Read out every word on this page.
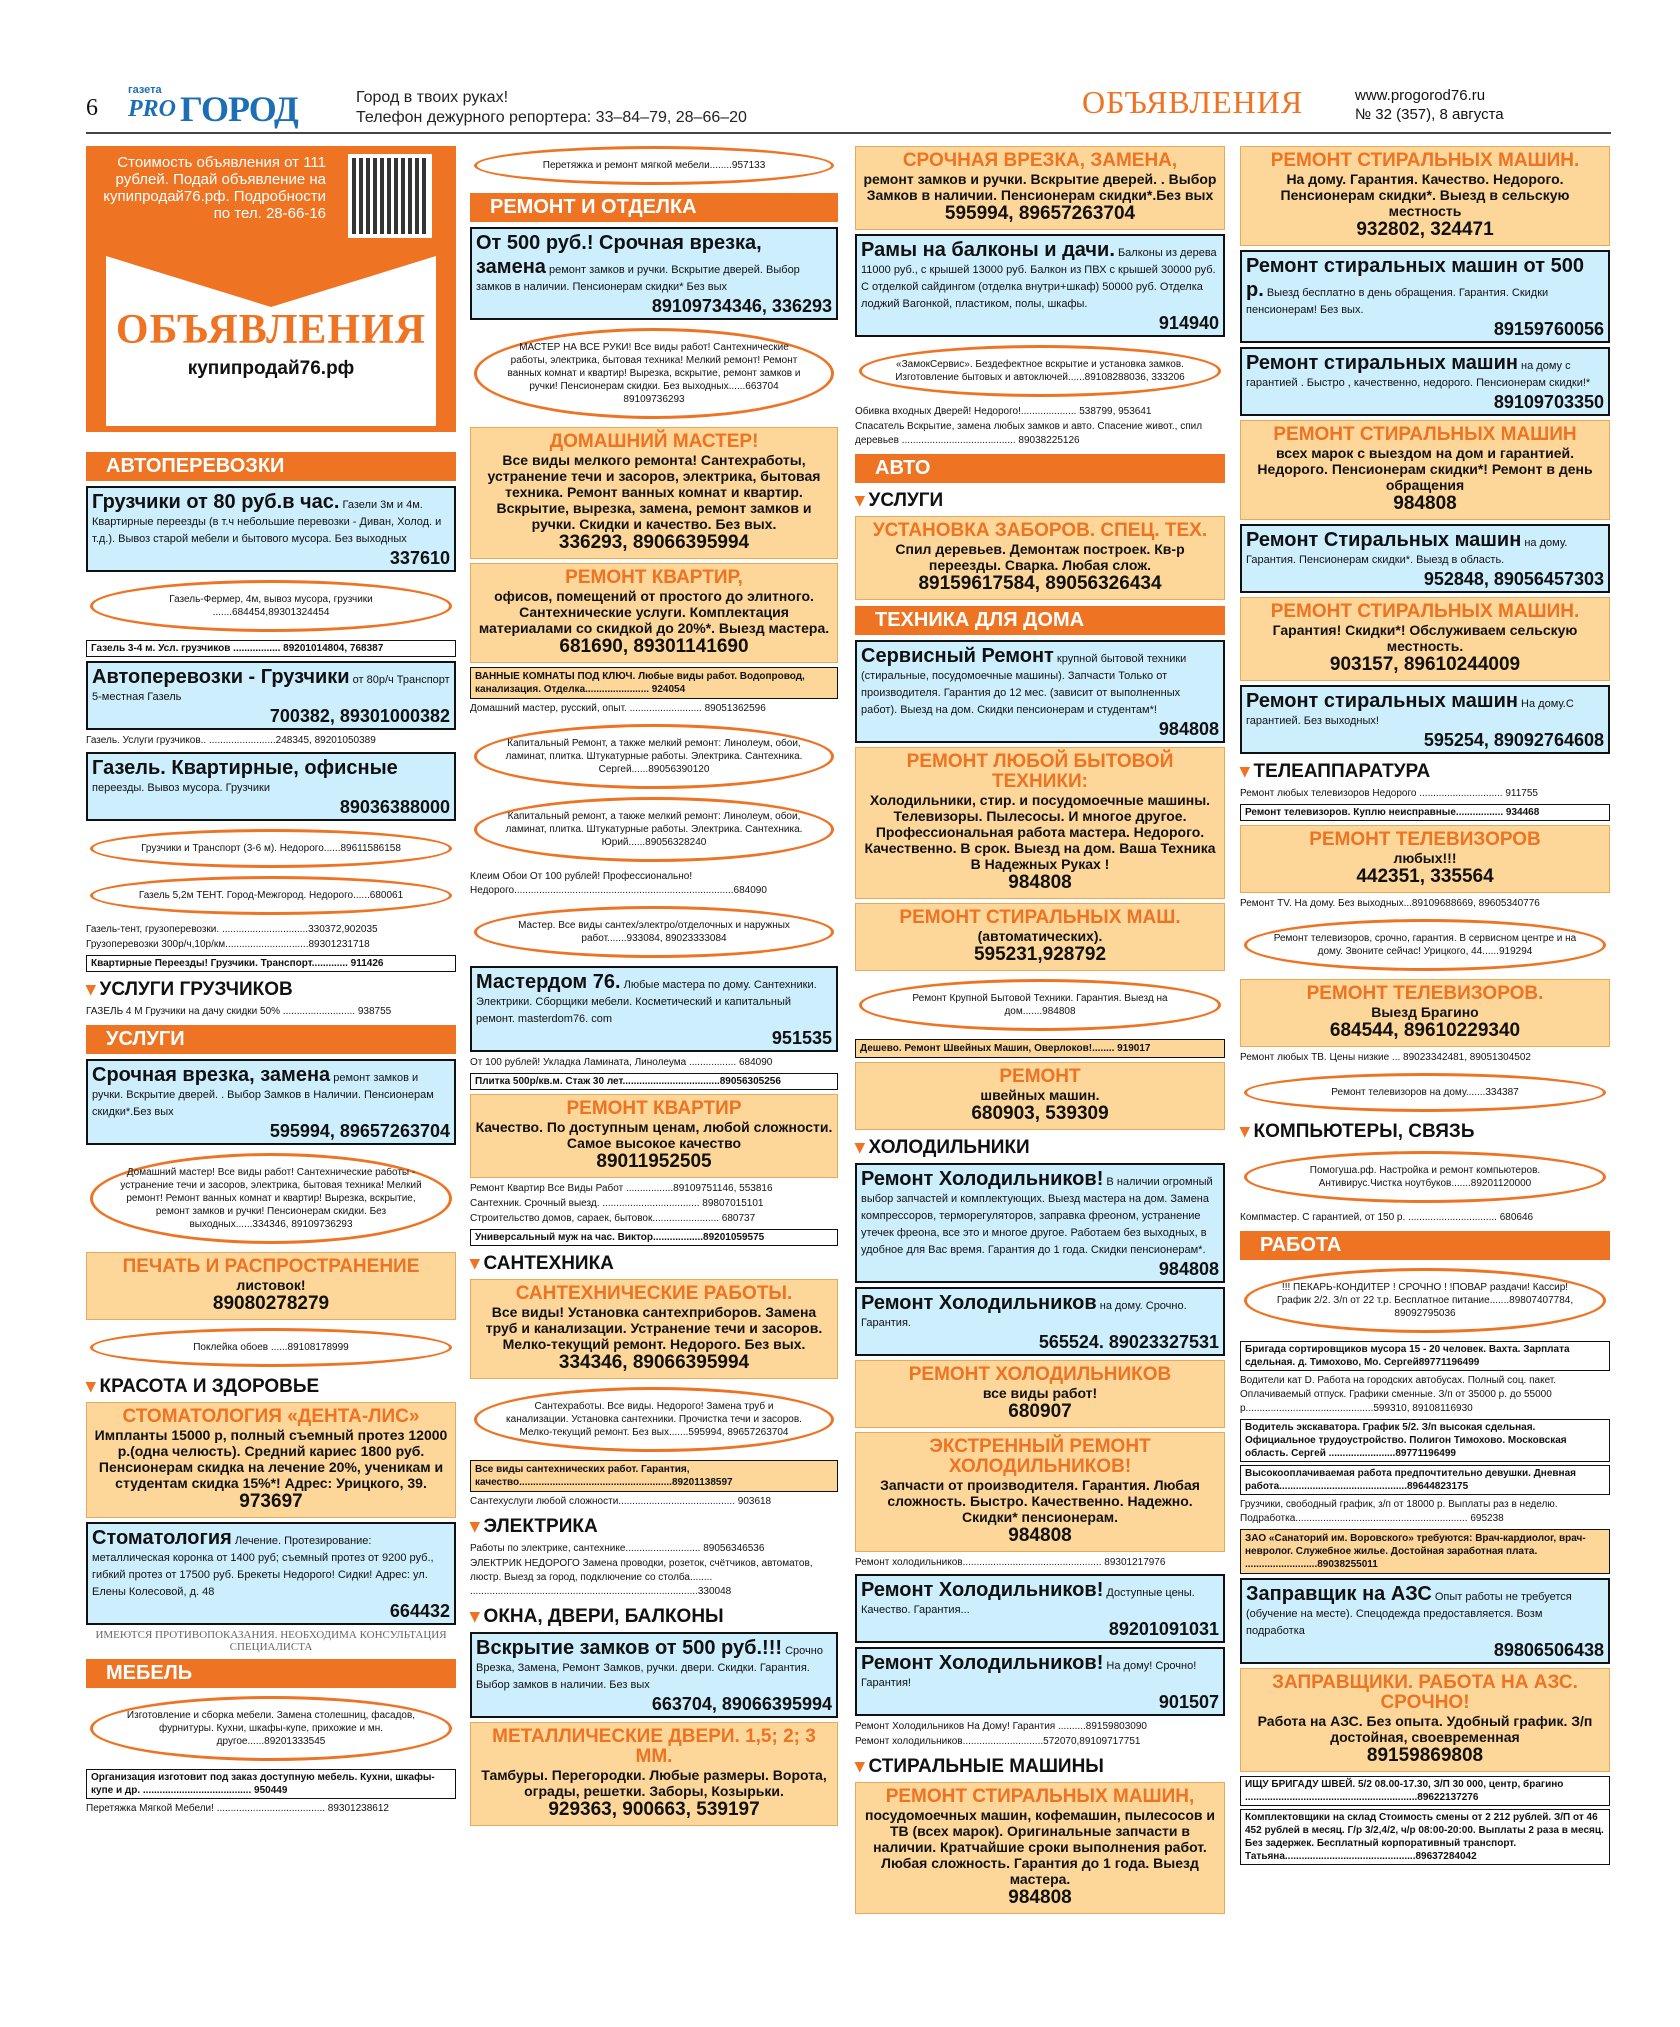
6
газета
PRO ГОРОД	Город в твоих руках!
Телефон дежурного репортера: 33–84–79, 28–66–20	ОБЪЯВЛЕНИЯ	www.progorod76.ru
№ 32 (357), 8 августа
Стоимость объявления от 111 рублей. Подай объявление на купипродай76.рф. Подробности по тел. 28-66-16
ОБЪЯВЛЕНИЯ
купипродай76.рф
АВТОПЕРЕВОЗКИ
Грузчики от 80 руб.в час. Газели 3м и 4м. Квартирные переезды (в т.ч небольшие перевозки - Диван, Холод. и т.д.). Вывоз старой мебели и бытового мусора. Без выходных
337610
Газель-Фермер, 4м, вывоз мусора, грузчики .......684454,89301324454
Газель 3-4 м. Усл. грузчиков ................. 89201014804, 768387
Автоперевозки - Грузчики от 80р/ч Транспорт 5-местная Газель
700382, 89301000382
Газель. Услуги грузчиков.. ........................248345, 89201050389
Газель. Квартирные, офисные переезды. Вывоз мусора. Грузчики
89036388000
Грузчики и Транспорт (3-6 м). Недорого......89611586158
Газель 5,2м ТЕНТ. Город-Межгород. Недорого......680061
Газель-тент, грузоперевозки. ...............................330372,902035
Грузоперевозки 300р/ч,10р/км..............................89301231718
Квартирные Переезды! Грузчики. Транспорт............. 911426
▾ УСЛУГИ ГРУЗЧИКОВ
ГАЗЕЛЬ 4 М Грузчики на дачу скидки 50% .......................... 938755
УСЛУГИ
Срочная врезка, замена ремонт замков и ручки. Вскрытие дверей. . Выбор Замков в Наличии. Пенсионерам скидки*.Без вых
595994, 89657263704
Домашний мастер! Все виды работ! Сантехнические работы - устранение течи и засоров, электрика, бытовая техника! Мелкий ремонт! Ремонт ванных комнат и квартир! Вырезка, вскрытие, ремонт замков и ручки! Пенсионерам скидки. Без выходных......334346, 89109736293
ПЕЧАТЬ И РАСПРОСТРАНЕНИЕ
листовок!
89080278279
Поклейка обоев ......89108178999
▾ КРАСОТА И ЗДОРОВЬЕ
СТОМАТОЛОГИЯ «ДЕНТА-ЛИС»
Импланты 15000 р, полный съемный протез 12000 р.(одна челюсть). Средний кариес 1800 руб. Пенсионерам скидка на лечение 20%, ученикам и студентам скидка 15%*! Адрес: Урицкого, 39.
973697
Стоматология Лечение. Протезирование: металлическая коронка от 1400 руб; съемный протез от 9200 руб., гибкий протез от 17500 руб. Брекеты Недорого! Сидки! Адрес: ул. Елены Колесовой, д. 48
664432
ИМЕЮТСЯ ПРОТИВОПОКАЗАНИЯ. НЕОБХОДИМА КОНСУЛЬТАЦИЯ СПЕЦИАЛИСТА
МЕБЕЛЬ
Изготовление и сборка мебели. Замена столешниц, фасадов, фурнитуры. Кухни, шкафы-купе, прихожие и мн. другое......89201333545
Организация изготовит под заказ доступную мебель. Кухни, шкафы-купе и др. ....................................... 950449
Перетяжка Мягкой Мебели! ....................................... 89301238612
Перетяжка и ремонт мягкой мебели........957133
РЕМОНТ И ОТДЕЛКА
От 500 руб.! Срочная врезка, замена ремонт замков и ручки. Вскрытие дверей. Выбор замков в наличии. Пенсионерам скидки* Без вых
89109734346, 336293
МАСТЕР НА ВСЕ РУКИ! Все виды работ! Сантехнические работы, электрика, бытовая техника! Мелкий ремонт! Ремонт ванных комнат и квартир! Вырезка, вскрытие, ремонт замков и ручки! Пенсионерам скидки. Без выходных......663704 89109736293
ДОМАШНИЙ МАСТЕР!
Все виды мелкого ремонта! Сантехработы, устранение течи и засоров, электрика, бытовая техника. Ремонт ванных комнат и квартир. Вскрытие, вырезка, замена, ремонт замков и ручки. Скидки и качество. Без вых.
336293, 89066395994
РЕМОНТ КВАРТИР,
офисов, помещений от простого до элитного. Сантехнические услуги. Комплектация материалами со скидкой до 20%*. Выезд мастера.
681690, 89301141690
ВАННЫЕ КОМНАТЫ ПОД КЛЮЧ. Любые виды работ. Водопровод, канализация. Отделка....................... 924054
Домашний мастер, русский, опыт. .......................... 89051362596
Капитальный Ремонт, а также мелкий ремонт: Линолеум, обои, ламинат, плитка. Штукатурные работы. Электрика. Сантехника. Сергей......89056390120
Капитальный ремонт, а также мелкий ремонт: Линолеум, обои, ламинат, плитка. Штукатурные работы. Электрика. Сантехника. Юрий......89056328240
Клеим Обои От 100 рублей! Профессионально! Недорого...............................................................................684090
Мастер. Все виды сантех/электро/отделочных и наружных работ.......933084, 89023333084
Мастердом 76. Любые мастера по дому. Сантехники. Электрики. Сборщики мебели. Косметический и капитальный ремонт. masterdom76. com
951535
От 100 рублей! Укладка Ламината, Линолеума ................. 684090
Плитка 500р/кв.м. Стаж 30 лет...................................89056305256
РЕМОНТ КВАРТИР
Качество. По доступным ценам, любой сложности. Самое высокое качество
89011952505
Ремонт Квартир Все Виды Работ .................89109751146, 553816
Сантехник. Срочный выезд. ................................... 89807015101
Строительство домов, сарaек, бытовок........................ 680737
Универсальный муж на час. Виктор..................89201059575
▾ САНТЕХНИКА
САНТЕХНИЧЕСКИЕ РАБОТЫ.
Все виды! Установка сантехприборов. Замена труб и канализации. Устранение течи и засоров. Мелко-текущий ремонт. Недорого. Без вых.
334346, 89066395994
Сантехработы. Все виды. Недорого! Замена труб и канализации. Установка сантехники. Прочистка течи и засоров. Мелко-текущий ремонт. Без вых.......595994, 89657263704
Все виды сантехнических работ. Гарантия, качество.......................................................89201138597
Сантехуслуги любой сложности.......................................... 903618
▾ ЭЛЕКТРИКА
Работы по электрике, сантехнике........................... 89056346536
ЭЛЕКТРИК НЕДОРОГО Замена проводки, розеток, счётчиков, автоматов, люстр. Выезд за город, подключение со столба........ ..................................................................................330048
▾ ОКНА, ДВЕРИ, БАЛКОНЫ
Вскрытие замков от 500 руб.!!! Срочно Врезка, Замена, Ремонт Замков, ручки. двери. Скидки. Гарантия. Выбор замков в наличии. Без вых
663704, 89066395994
МЕТАЛЛИЧЕСКИЕ ДВЕРИ. 1,5; 2; 3 ММ.
Тамбуры. Перегородки. Любые размеры. Ворота, ограды, решетки. Заборы, Козырьки.
929363, 900663, 539197
СРОЧНАЯ ВРЕЗКА, ЗАМЕНА,
ремонт замков и ручки. Вскрытие дверей. . Выбор Замков в наличии. Пенсионерам скидки*.Без вых
595994, 89657263704
Рамы на балконы и дачи. Балконы из дерева 11000 руб., с крышей 13000 руб. Балкон из ПВХ с крышей 30000 руб. С отделкой сайдингом (отделка внутри+шкаф) 50000 руб. Отделка лоджий Вагонкой, пластиком, полы, шкафы.
914940
«ЗамокСервис». Бездефектное вскрытие и установка замков. Изготовление бытовых и автоключей......89108288036, 333206
Обивка входных Дверей! Недорого!.................... 538799, 953641
Спасатель Вскрытие, замена любых замков и авто. Спасение живот., спил деревьев ......................................... 89038225126
АВТО
▾ УСЛУГИ
УСТАНОВКА ЗАБОРОВ. СПЕЦ. ТЕХ.
Спил деревьев. Демонтаж построек. Кв-р переезды. Сварка. Любая слож.
89159617584, 89056326434
ТЕХНИКА ДЛЯ ДОМА
Сервисный Ремонт крупной бытовой техники (стиральные, посудомоечные машины). Запчасти Только от производителя. Гарантия до 12 мес. (зависит от выполненных работ). Выезд на дом. Скидки пенсионерам и студентам*!
984808
РЕМОНТ ЛЮБОЙ БЫТОВОЙ ТЕХНИКИ:
Холодильники, стир. и посудомоечные машины. Телевизоры. Пылесосы. И многое другое. Профессиональная работа мастера. Недорого. Качественно. В срок. Выезд на дом. Ваша Техника В Надежных Руках !
984808
РЕМОНТ СТИРАЛЬНЫХ МАШ.
(автоматических).
595231,928792
Ремонт Крупной Бытовой Техники. Гарантия. Выезд на дом.......984808
Дешево. Ремонт Швейных Машин, Оверлоков!........ 919017
РЕМОНТ
швейных машин.
680903, 539309
▾ ХОЛОДИЛЬНИКИ
Ремонт Холодильников! В наличии огромный выбор запчастей и комплектующих. Выезд мастера на дом. Замена компрессоров, терморегуляторов, заправка фреоном, устранение утечек фреона, все это и многое другое. Работаем без выходных, в удобное для Вас время. Гарантия до 1 года. Скидки пенсионерам*.
984808
Ремонт Холодильников на дому. Срочно. Гарантия.
565524. 89023327531
РЕМОНТ ХОЛОДИЛЬНИКОВ
все виды работ!
680907
ЭКСТРЕННЫЙ РЕМОНТ ХОЛОДИЛЬНИКОВ!
Запчасти от производителя. Гарантия. Любая сложность. Быстро. Качественно. Надежно. Скидки* пенсионерам.
984808
Ремонт холодильников.................................................. 89301217976
Ремонт Холодильников! Доступные цены. Качество. Гарантия...
89201091031
Ремонт Холодильников! На дому! Срочно! Гарантия!
901507
Ремонт Холодильников На Дому! Гарантия ..........89159803090
Ремонт холодильников.............................572070,89109717751
▾ СТИРАЛЬНЫЕ МАШИНЫ
РЕМОНТ СТИРАЛЬНЫХ МАШИН,
посудомоечных машин, кофемашин, пылесосов и ТВ (всех марок). Оригинальные запчасти в наличии. Кратчайшие сроки выполнения работ. Любая сложность. Гарантия до 1 года. Выезд мастера.
984808
РЕМОНТ СТИРАЛЬНЫХ МАШИН.
На дому. Гарантия. Качество. Недорого. Пенсионерам скидки*. Выезд в сельскую местность
932802, 324471
Ремонт стиральных машин от 500 р. Выезд бесплатно в день обращения. Гарантия. Скидки пенсионерам! Без вых.
89159760056
Ремонт стиральных машин на дому с гарантией . Быстро , качественно, недорого. Пенсионерам скидки!*
89109703350
РЕМОНТ СТИРАЛЬНЫХ МАШИН
всех марок с выездом на дом и гарантией. Недорого. Пенсионерам скидки*! Ремонт в день обращения
984808
Ремонт Стиральных машин на дому. Гарантия. Пенсионерам скидки*. Выезд в область.
952848, 89056457303
РЕМОНТ СТИРАЛЬНЫХ МАШИН.
Гарантия! Скидки*! Обслуживаем сельскую местность.
903157, 89610244009
Ремонт стиральных машин На дому.С гарантией. Без выходных!
595254, 89092764608
▾ ТЕЛЕАППАРАТУРА
Ремонт любых телевизоров Недорого .............................. 911755
Ремонт телевизоров. Куплю неисправные................. 934468
РЕМОНТ ТЕЛЕВИЗОРОВ
любых!!!
442351, 335564
Ремонт TV. На дому. Без выходных...89109688669, 89605340776
Ремонт телевизоров, срочно, гарантия. В сервисном центре и на дому. Звоните сейчас! Урицкого, 44......919294
РЕМОНТ ТЕЛЕВИЗОРОВ.
Выезд Брагино
684544, 89610229340
Ремонт любых ТВ. Цены низкие ... 89023342481, 89051304502
Ремонт телевизоров на дому.......334387
▾ КОМПЬЮТЕРЫ, СВЯЗЬ
Помогуша.рф. Настройка и ремонт компьютеров. Антивирус.Чистка ноутбуков.......89201120000
Компмастер. С гарантией, от 150 р. ................................ 680646
РАБОТА
!!! ПЕКАРЬ-КОНДИТЕР ! СРОЧНО ! !ПОВАР раздачи! Кассир! График 2/2. З/п от 22 т.р. Бесплатное питание.......89807407784, 89092795036
Бригада сортировщиков мусора 15 - 20 человек. Вахта. Зарплата сдельная. д. Тимохово, Мо. Сергей89771196499
Водители кат D. Работа на городских автобусах. Полный соц. пакет. Оплачиваемый отпуск. Графики сменные. З/п от 35000 р. до 55000 р..............................................599310, 89108116930
Водитель экскаватора. График 5/2. З/п высокая сдельная. Официальное трудоустройство. Полигон Тимохово. Московская область. Сергей ........................89771196499
Высокооплачиваемая работа предпочтительно девушки. Дневная работа..............................................89644823175
Грузчики, свободный график, з/п от 18000 р. Выплаты раз в неделю. Подработка.............................................................. 695238
ЗАО «Санаторий им. Воровского» требуются: Врач-кардиолог, врач-невролог. Служебное жилье. Достойная заработная плата. ..........................89038255011
Заправщик на АЗС Опыт работы не требуется (обучение на месте). Спецодежда предоставляется. Возм подработка
89806506438
ЗАПРАВЩИКИ. РАБОТА НА АЗС. СРОЧНО!
Работа на АЗС. Без опыта. Удобный график. З/п достойная, своевременная
89159869808
ИЩУ БРИГАДУ ШВЕЙ. 5/2 08.00-17.30, З/П 30 000, центр, брагино ..............................................................89622137276
Комплектовщики на склад Стоимость смены от 2 212 рублей. З/П от 46 452 рублей в месяц. Г/р 3/2,4/2, ч/р 08:00-20:00. Выплаты 2 раза в месяц. Без задержек. Бесплатный корпоративный транспорт. Татьяна...............................................89637284042
